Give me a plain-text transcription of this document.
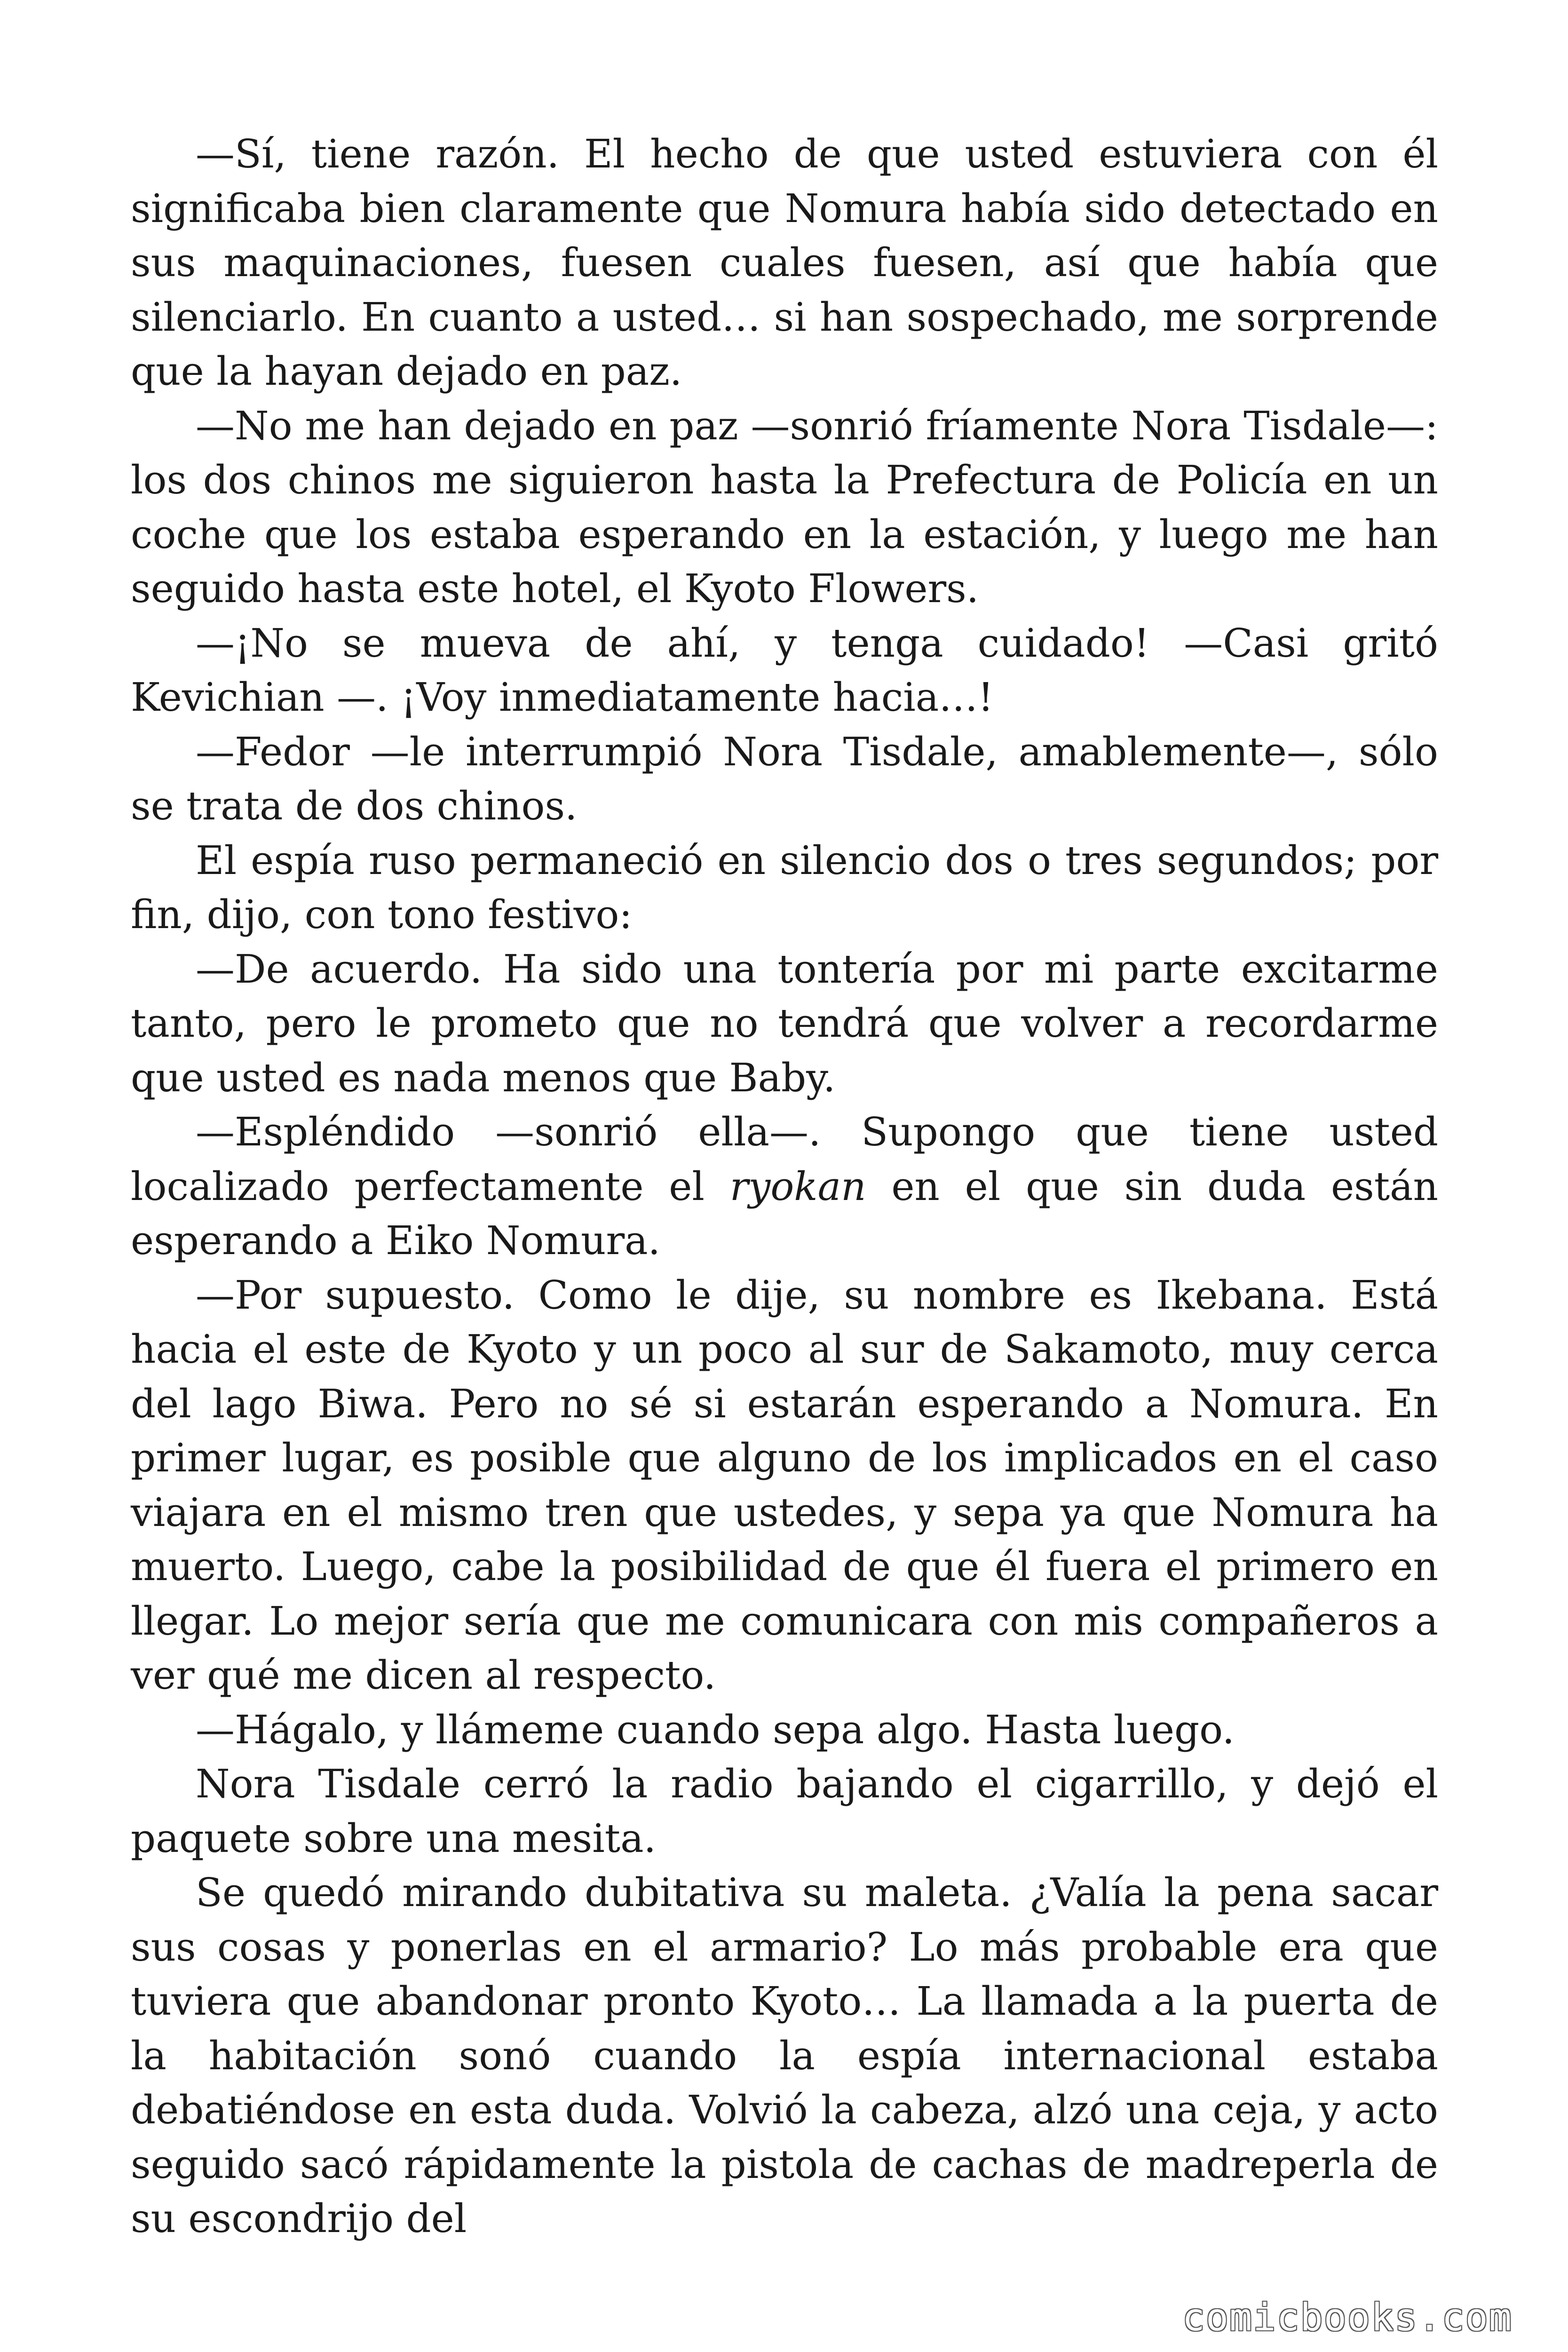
—Sí, tiene razón. El hecho de que usted estuviera con él significaba bien claramente que Nomura había sido detectado en sus maquinaciones, fuesen cuales fuesen, así que había que silenciarlo. En cuanto a usted… si han sospechado, me sorprende que la hayan dejado en paz.

—No me han dejado en paz —sonrió fríamente Nora Tisdale—: los dos chinos me siguieron hasta la Prefectura de Policía en un coche que los estaba esperando en la estación, y luego me han seguido hasta este hotel, el Kyoto Flowers.

—¡No se mueva de ahí, y tenga cuidado! —Casi gritó Kevichian —. ¡Voy inmediatamente hacia…!

—Fedor —le interrumpió Nora Tisdale, amablemente—, sólo se trata de dos chinos.

El espía ruso permaneció en silencio dos o tres segundos; por fin, dijo, con tono festivo:

—De acuerdo. Ha sido una tontería por mi parte excitarme tanto, pero le prometo que no tendrá que volver a recordarme que usted es nada menos que Baby.

—Espléndido —sonrió ella—. Supongo que tiene usted localizado perfectamente el ryokan en el que sin duda están esperando a Eiko Nomura.

—Por supuesto. Como le dije, su nombre es Ikebana. Está hacia el este de Kyoto y un poco al sur de Sakamoto, muy cerca del lago Biwa. Pero no sé si estarán esperando a Nomura. En primer lugar, es posible que alguno de los implicados en el caso viajara en el mismo tren que ustedes, y sepa ya que Nomura ha muerto. Luego, cabe la posibilidad de que él fuera el primero en llegar. Lo mejor sería que me comunicara con mis compañeros a ver qué me dicen al respecto.

—Hágalo, y llámeme cuando sepa algo. Hasta luego.

Nora Tisdale cerró la radio bajando el cigarrillo, y dejó el paquete sobre una mesita.

Se quedó mirando dubitativa su maleta. ¿Valía la pena sacar sus cosas y ponerlas en el armario? Lo más probable era que tuviera que abandonar pronto Kyoto… La llamada a la puerta de la habitación sonó cuando la espía internacional estaba debatiéndose en esta duda. Volvió la cabeza, alzó una ceja, y acto seguido sacó rápidamente la pistola de cachas de madreperla de su escondrijo del

comicbooks.com
